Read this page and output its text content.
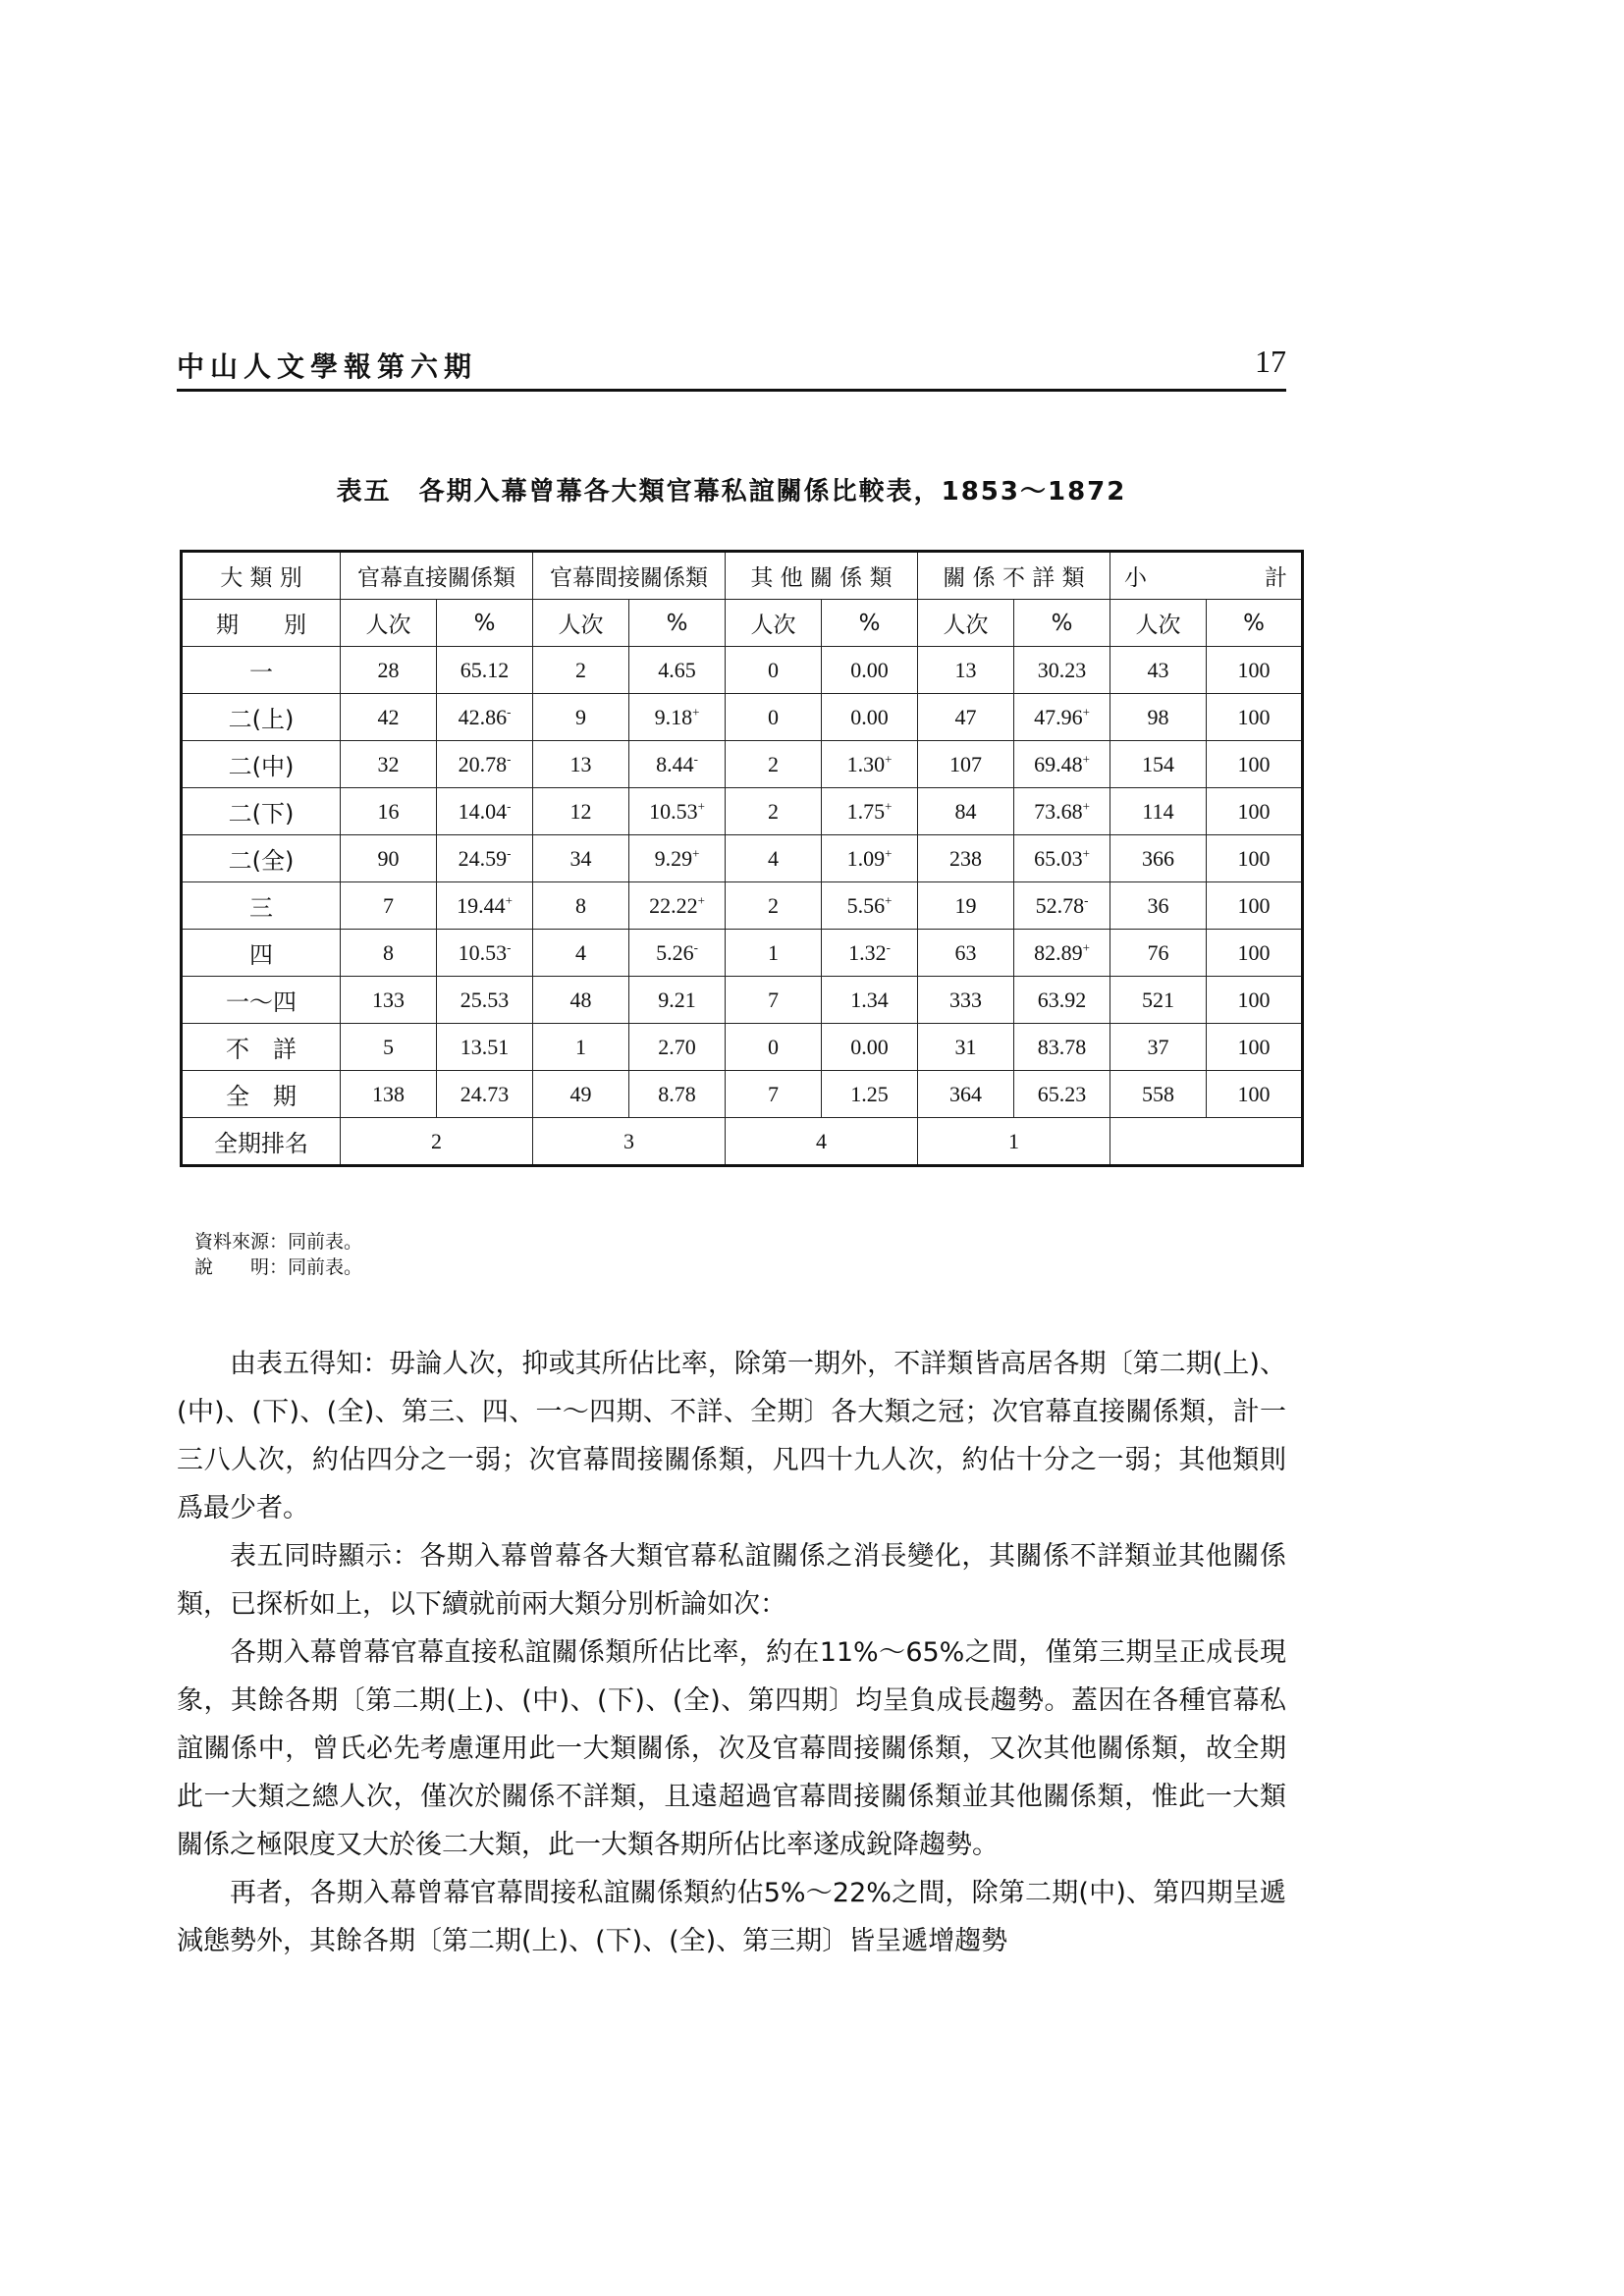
中山人文學報第六期	17
表五　各期入幕曾幕各大類官幕私誼關係比較表，1853～1872
大 類 別	官幕直接關係類		官幕間接關係類		其 他 關 係 類		關 係 不 詳 類		小 計	

期　　別	人次	%	人次	%	人次	%	人次	%	人次	%
一	28	65.12	2	4.65	0	0.00	13	30.23	43	100
二(上)	42	42.86-	9	9.18+	0	0.00	47	47.96+	98	100
二(中)	32	20.78-	13	8.44-	2	1.30+	107	69.48+	154	100
二(下)	16	14.04-	12	10.53+	2	1.75+	84	73.68+	114	100
二(全)	90	24.59-	34	9.29+	4	1.09+	238	65.03+	366	100
三	7	19.44+	8	22.22+	2	5.56+	19	52.78-	36	100
四	8	10.53-	4	5.26-	1	1.32-	63	82.89+	76	100
一～四	133	25.53	48	9.21	7	1.34	333	63.92	521	100
不　詳	5	13.51	1	2.70	0	0.00	31	83.78	37	100
全　期	138	24.73	49	8.78	7	1.25	364	65.23	558	100
全期排名	2		3		4		1			
資料來源：同前表。
說　　明：同前表。

由表五得知：毋論人次，抑或其所佔比率，除第一期外，不詳類皆高居各期〔第二期(上)、(中)、(下)、(全)、第三、四、一～四期、不詳、全期〕各大類之冠；次官幕直接關係類，計一三八人次，約佔四分之一弱；次官幕間接關係類，凡四十九人次，約佔十分之一弱；其他類則爲最少者。

表五同時顯示：各期入幕曾幕各大類官幕私誼關係之消長變化，其關係不詳類並其他關係類，已探析如上，以下續就前兩大類分別析論如次：

各期入幕曾幕官幕直接私誼關係類所佔比率，約在11%～65%之間，僅第三期呈正成長現象，其餘各期〔第二期(上)、(中)、(下)、(全)、第四期〕均呈負成長趨勢。蓋因在各種官幕私誼關係中，曾氏必先考慮運用此一大類關係，次及官幕間接關係類，又次其他關係類，故全期此一大類之總人次，僅次於關係不詳類，且遠超過官幕間接關係類並其他關係類，惟此一大類關係之極限度又大於後二大類，此一大類各期所佔比率遂成銳降趨勢。

再者，各期入幕曾幕官幕間接私誼關係類約佔5%～22%之間，除第二期(中)、第四期呈遞減態勢外，其餘各期〔第二期(上)、(下)、(全)、第三期〕皆呈遞增趨勢
